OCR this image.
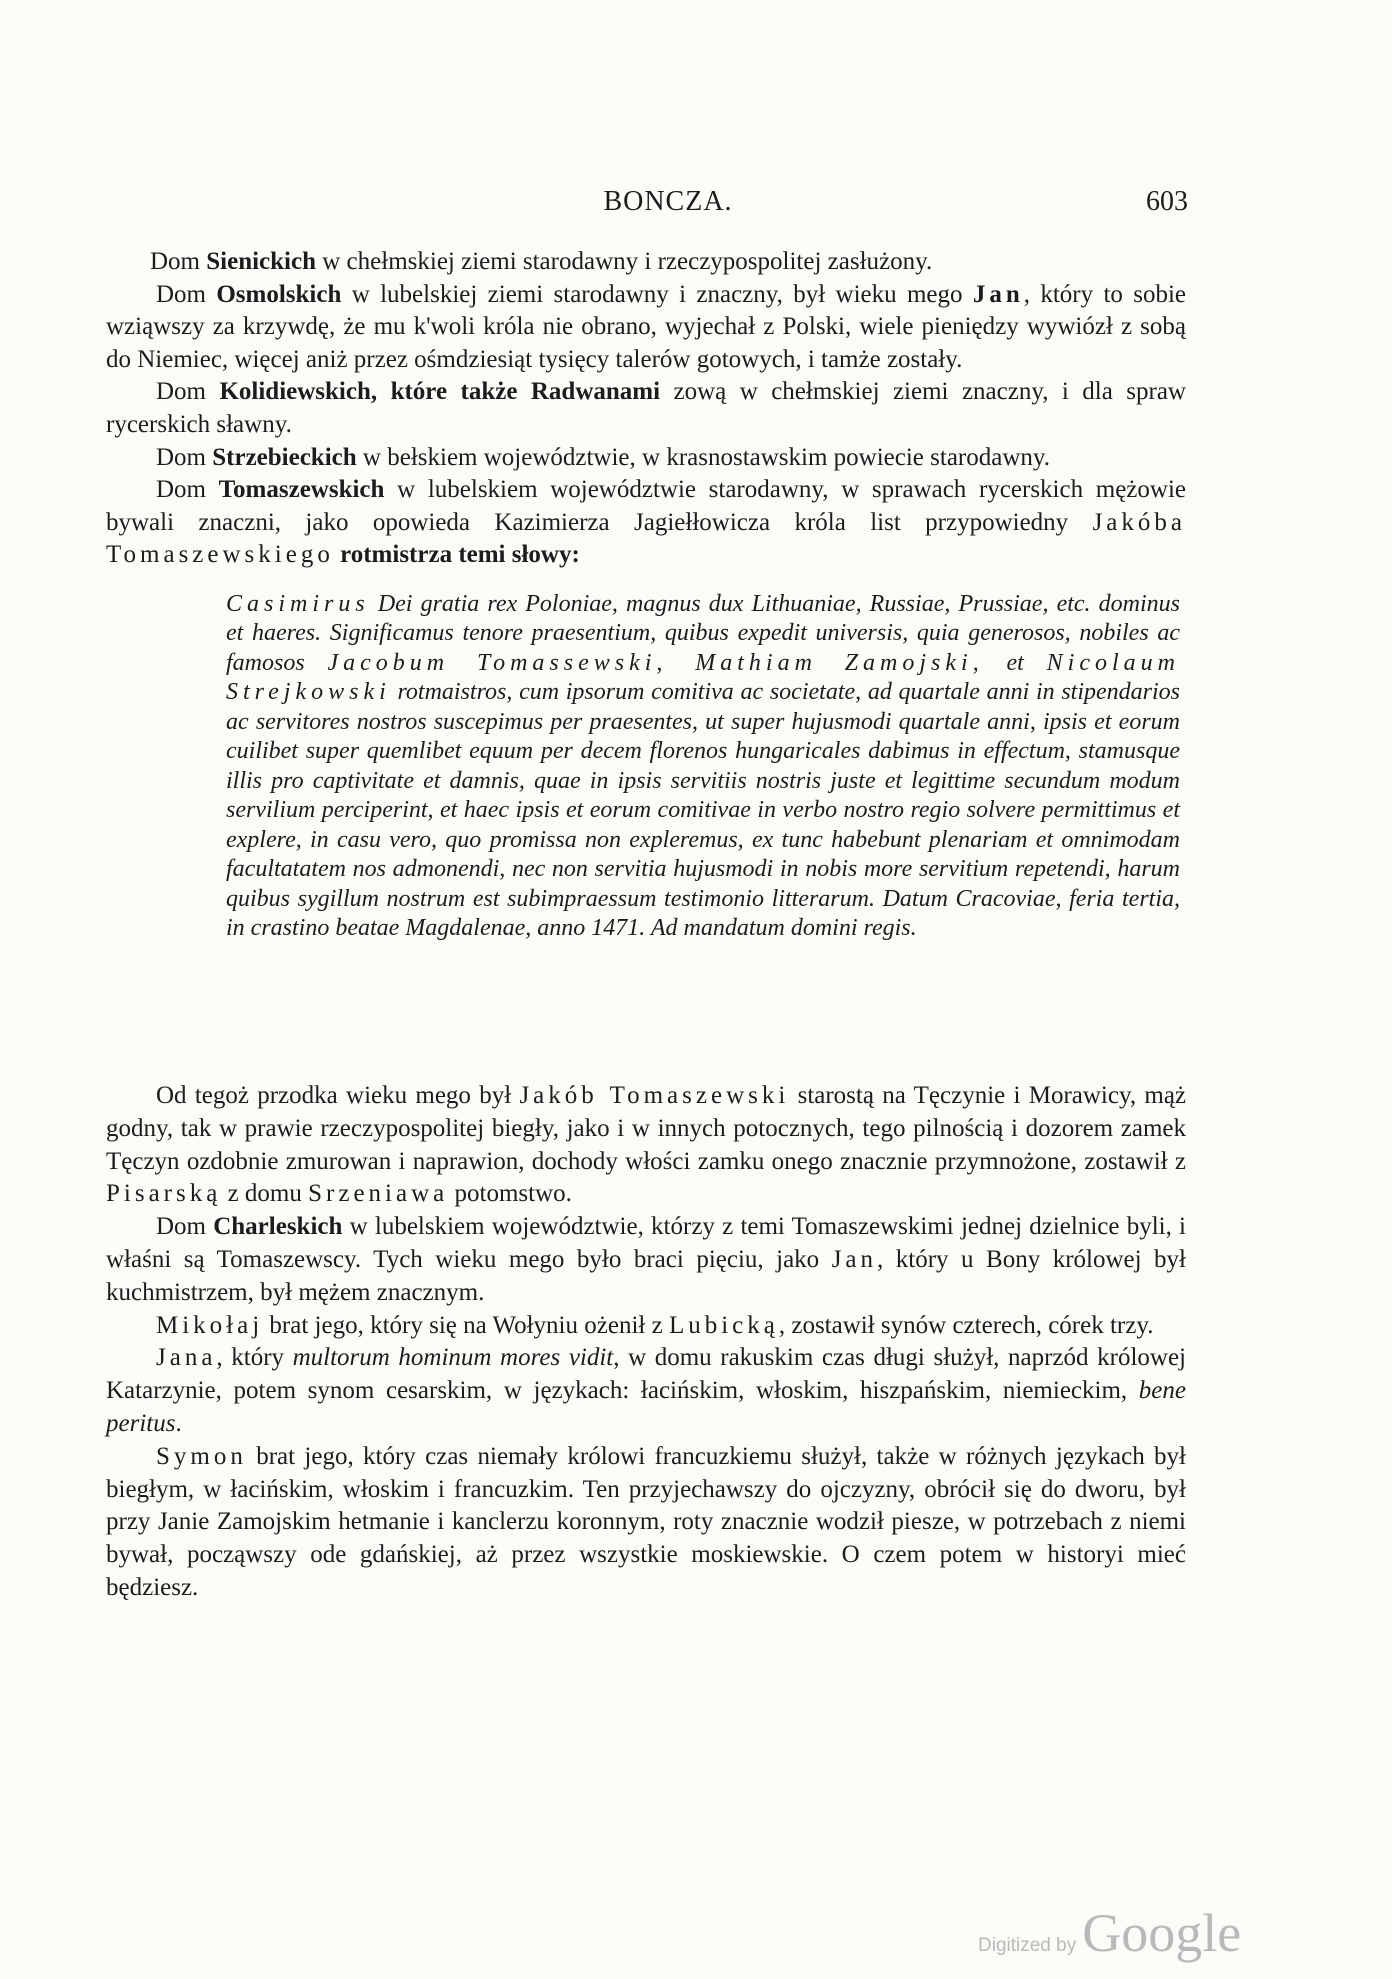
BONCZA.	603

Dom Sienickich w chełmskiej ziemi starodawny i rzeczypospolitej zasłużony.

Dom Osmolskich w lubelskiej ziemi starodawny i znaczny, był wieku mego Jan, który to sobie wziąwszy za krzywdę, że mu k'woli króla nie obrano, wyjechał z Polski, wiele pieniędzy wywiózł z sobą do Niemiec, więcej aniż przez ośmdziesiąt tysięcy talerów gotowych, i tamże zostały.

Dom Kolidiewskich, które także Radwanami zową w chełmskiej ziemi znaczny, i dla spraw rycerskich sławny.

Dom Strzebieckich w bełskiem województwie, w krasnostawskim powiecie starodawny.

Dom Tomaszewskich w lubelskiem województwie starodawny, w sprawach rycerskich mężowie bywali znaczni, jako opowieda Kazimierza Jagiełłowicza króla list przypowiedny Jakóba Tomaszewskiego rotmistrza temi słowy:

Casimirus Dei gratia rex Poloniae, magnus dux Lithuaniae, Russiae, Prussiae, etc. dominus et haeres. Significamus tenore praesentium, quibus expedit universis, quia generosos, nobiles ac famosos Jacobum Tomassewski, Mathiam Zamojski, et Nicolaum Strejkowski rotmaistros, cum ipsorum comitiva ac societate, ad quartale anni in stipendarios ac servitores nostros suscepimus per praesentes, ut super hujusmodi quartale anni, ipsis et eorum cuilibet super quemlibet equum per decem florenos hungaricales dabimus in effectum, stamusque illis pro captivitate et damnis, quae in ipsis servitiis nostris juste et legittime secundum modum servilium perciperint, et haec ipsis et eorum comitivae in verbo nostro regio solvere permittimus et explere, in casu vero, quo promissa non expleremus, ex tunc habebunt plenariam et omnimodam facultatatem nos admonendi, nec non servitia hujusmodi in nobis more servitium repetendi, harum quibus sygillum nostrum est subimpraessum testimonio litterarum. Datum Cracoviae, feria tertia, in crastino beatae Magdalenae, anno 1471. Ad mandatum domini regis.

Od tegoż przodka wieku mego był Jakób Tomaszewski starostą na Tęczynie i Morawicy, mąż godny, tak w prawie rzeczypospolitej biegły, jako i w innych potocznych, tego pilnością i dozorem zamek Tęczyn ozdobnie zmurowan i naprawion, dochody włości zamku onego znacznie przymnożone, zostawił z Pisarską z domu Srzeniawa potomstwo.

Dom Charleskich w lubelskiem województwie, którzy z temi Tomaszewskimi jednej dzielnice byli, i właśni są Tomaszewscy. Tych wieku mego było braci pięciu, jako Jan, który u Bony królowej był kuchmistrzem, był mężem znacznym.

Mikołaj brat jego, który się na Wołyniu ożenił z Lubicką, zostawił synów czterech, córek trzy.

Jana, który multorum hominum mores vidit, w domu rakuskim czas długi służył, naprzód królowej Katarzynie, potem synom cesarskim, w językach: łacińskim, włoskim, hiszpańskim, niemieckim, bene peritus.

Symon brat jego, który czas niemały królowi francuzkiemu służył, także w różnych językach był biegłym, w łacińskim, włoskim i francuzkim. Ten przyjechawszy do ojczyzny, obrócił się do dworu, był przy Janie Zamojskim hetmanie i kanclerzu koronnym, roty znacznie wodził piesze, w potrzebach z niemi bywał, począwszy ode gdańskiej, aż przez wszystkie moskiewskie. O czem potem w historyi mieć będziesz.

Digitized by Google
